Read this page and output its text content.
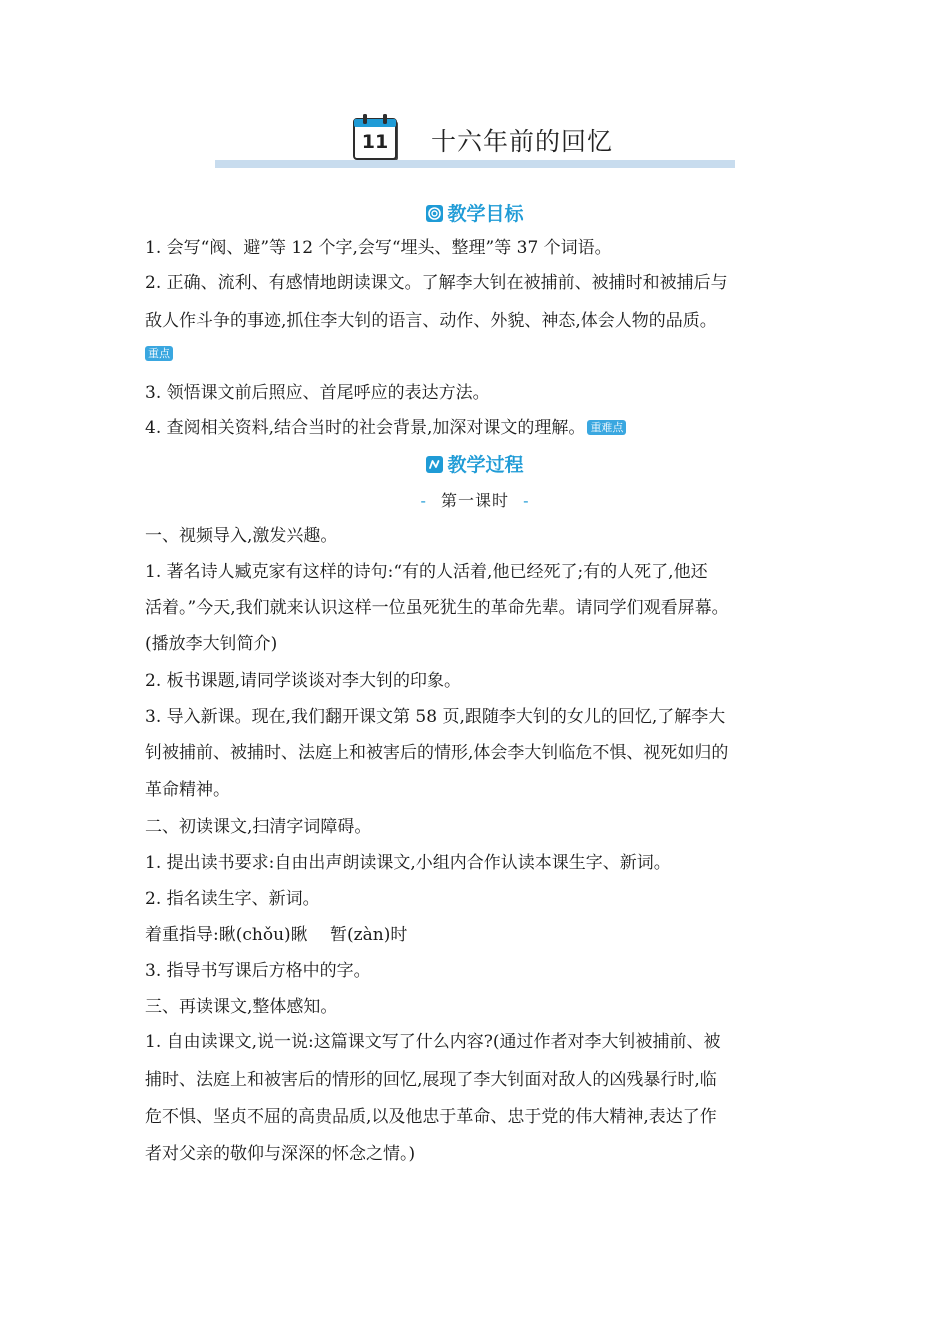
11	十六年前的回忆
教学目标
1. 会写“阀、避”等 12 个字,会写“埋头、整理”等 37 个词语。
2. 正确、流利、有感情地朗读课文。了解李大钊在被捕前、被捕时和被捕后与
敌人作斗争的事迹,抓住李大钊的语言、动作、外貌、神态,体会人物的品质。
重点
3. 领悟课文前后照应、首尾呼应的表达方法。
4. 查阅相关资料,结合当时的社会背景,加深对课文的理解。 重难点
教学过程
- 第一课时 -
一、视频导入,激发兴趣。
1. 著名诗人臧克家有这样的诗句:“有的人活着,他已经死了;有的人死了,他还
活着。”今天,我们就来认识这样一位虽死犹生的革命先辈。请同学们观看屏幕。
(播放李大钊简介)
2. 板书课题,请同学谈谈对李大钊的印象。
3. 导入新课。现在,我们翻开课文第 58 页,跟随李大钊的女儿的回忆,了解李大
钊被捕前、被捕时、法庭上和被害后的情形,体会李大钊临危不惧、视死如归的
革命精神。
二、初读课文,扫清字词障碍。
1. 提出读书要求:自由出声朗读课文,小组内合作认读本课生字、新词。
2. 指名读生字、新词。
着重指导:瞅(chǒu)瞅　 暂(zàn)时
3. 指导书写课后方格中的字。
三、再读课文,整体感知。
1. 自由读课文,说一说:这篇课文写了什么内容?(通过作者对李大钊被捕前、被
捕时、法庭上和被害后的情形的回忆,展现了李大钊面对敌人的凶残暴行时,临
危不惧、坚贞不屈的高贵品质,以及他忠于革命、忠于党的伟大精神,表达了作
者对父亲的敬仰与深深的怀念之情。)
